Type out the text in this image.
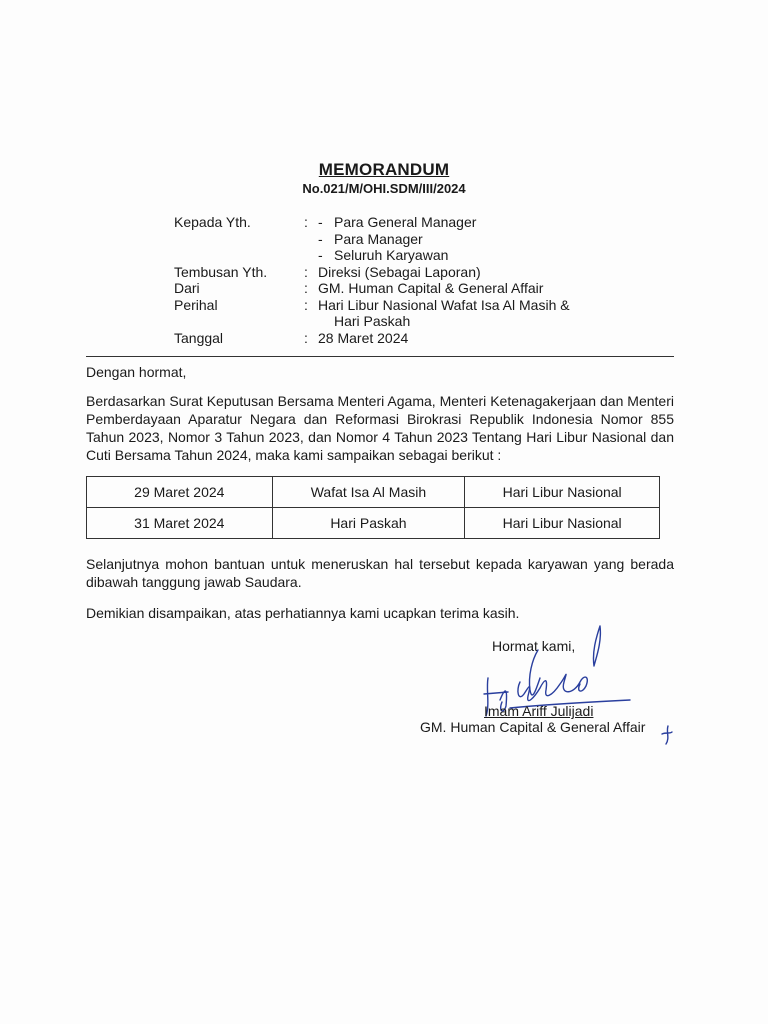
MEMORANDUM
No.021/M/OHI.SDM/III/2024
Kepada Yth.	: - Para General Manager
- Para Manager
- Seluruh Karyawan
Tembusan Yth.	: Direksi (Sebagai Laporan)
Dari	: GM. Human Capital & General Affair
Perihal	: Hari Libur Nasional Wafat Isa Al Masih &
Hari Paskah
Tanggal	: 28 Maret 2024
Dengan hormat,
Berdasarkan Surat Keputusan Bersama Menteri Agama, Menteri Ketenagakerjaan dan Menteri Pemberdayaan Aparatur Negara dan Reformasi Birokrasi Republik Indonesia Nomor 855 Tahun 2023, Nomor 3 Tahun 2023, dan Nomor 4 Tahun 2023 Tentang Hari Libur Nasional dan Cuti Bersama Tahun 2024, maka kami sampaikan sebagai berikut :
29 Maret 2024	Wafat Isa Al Masih	Hari Libur Nasional
31 Maret 2024	Hari Paskah	Hari Libur Nasional
Selanjutnya mohon bantuan untuk meneruskan hal tersebut kepada karyawan yang berada dibawah tanggung jawab Saudara.
Demikian disampaikan, atas perhatiannya kami ucapkan terima kasih.
Hormat kami,
Imam Ariff Julijadi
GM. Human Capital & General Affair
